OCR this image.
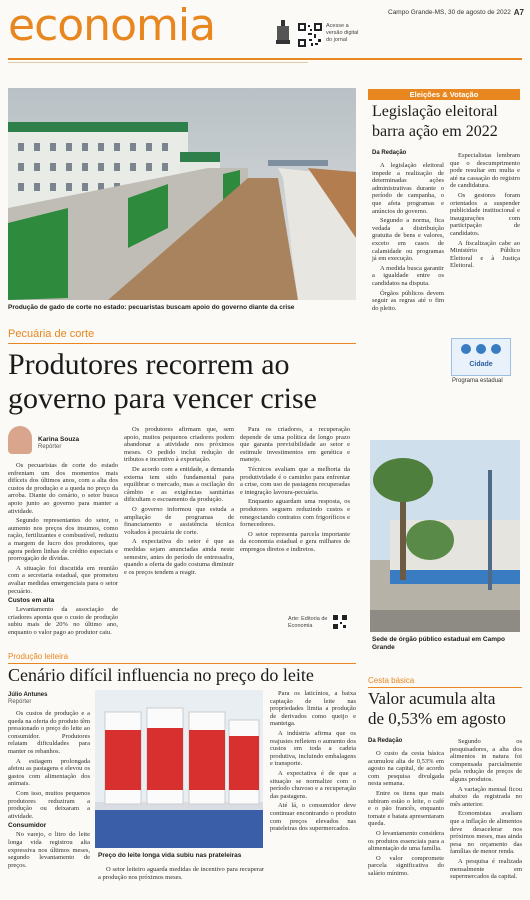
economia	Acesse a versão digital do jornal
Campo Grande-MS, 30 de agosto de 2022 A7
Produção de gado de corte no estado: pecuaristas buscam apoio do governo diante da crise
Pecuária de corte
Produtores recorrem ao
governo para vencer crise
Karina Souza
Repórter

Os pecuaristas de corte do estado enfrentam um dos momentos mais difíceis dos últimos anos, com a alta dos custos de produção e a queda no preço da arroba. Diante do cenário, o setor busca apoio junto ao governo para manter a atividade.

Segundo representantes do setor, o aumento nos preços dos insumos, como ração, fertilizantes e combustível, reduziu a margem de lucro dos produtores, que agora pedem linhas de crédito especiais e prorrogação de dívidas.

A situação foi discutida em reunião com a secretaria estadual, que prometeu avaliar medidas emergenciais para o setor pecuário.

Custos em alta

Levantamento da associação de criadores aponta que o custo de produção subiu mais de 20% no último ano, enquanto o valor pago ao produtor caiu.

Os produtores afirmam que, sem apoio, muitos pequenos criadores podem abandonar a atividade nos próximos meses. O pedido inclui redução de tributos e incentivo à exportação.

De acordo com a entidade, a demanda externa tem sido fundamental para equilibrar o mercado, mas a oscilação do câmbio e as exigências sanitárias dificultam o escoamento da produção.

O governo informou que estuda a ampliação de programas de financiamento e assistência técnica voltados à pecuária de corte.

A expectativa do setor é que as medidas sejam anunciadas ainda neste semestre, antes do período de entressafra, quando a oferta de gado costuma diminuir e os preços tendem a reagir.

Para os criadores, a recuperação depende de uma política de longo prazo que garanta previsibilidade ao setor e estimule investimentos em genética e manejo.

Técnicos avaliam que a melhoria da produtividade é o caminho para enfrentar a crise, com uso de pastagens recuperadas e integração lavoura-pecuária.

Enquanto aguardam uma resposta, os produtores seguem reduzindo custos e renegociando contratos com frigoríficos e fornecedores.

O setor representa parcela importante da economia estadual e gera milhares de empregos diretos e indiretos.

Arte: Editoria de Economia
Eleições & Votação
Legislação eleitoral
barra ação em 2022
Da Redação

A legislação eleitoral impede a realização de determinadas ações administrativas durante o período de campanha, o que afeta programas e anúncios do governo.

Segundo a norma, fica vedada a distribuição gratuita de bens e valores, exceto em casos de calamidade ou programas já em execução.

A medida busca garantir a igualdade entre os candidatos na disputa.

Órgãos públicos devem seguir as regras até o fim do pleito.

Especialistas lembram que o descumprimento pode resultar em multa e até na cassação do registro de candidatura.

Os gestores foram orientados a suspender publicidade institucional e inaugurações com participação de candidatos.

A fiscalização cabe ao Ministério Público Eleitoral e à Justiça Eleitoral.

Cidade
Programa estadual
Sede de órgão público estadual em Campo Grande
Produção leiteira
Cenário difícil influencia no preço do leite
Júlio Antunes
Repórter

Os custos de produção e a queda na oferta do produto têm pressionado o preço do leite ao consumidor. Produtores relatam dificuldades para manter os rebanhos.

A estiagem prolongada afetou as pastagens e elevou os gastos com alimentação dos animais.

Com isso, muitos pequenos produtores reduziram a produção ou deixaram a atividade.

Consumidor

No varejo, o litro do leite longa vida registrou alta expressiva nos últimos meses, segundo levantamento de preços.

Preço do leite longa vida subiu nas prateleiras

O setor leiteiro aguarda medidas de incentivo para recuperar a produção nos próximos meses.

Para os laticínios, a baixa captação de leite nas propriedades limita a produção de derivados como queijo e manteiga.

A indústria afirma que os reajustes refletem o aumento dos custos em toda a cadeia produtiva, incluindo embalagens e transporte.

A expectativa é de que a situação se normalize com o período chuvoso e a recuperação das pastagens.

Até lá, o consumidor deve continuar encontrando o produto com preços elevados nas prateleiras dos supermercados.

Cesta básica
Valor acumula alta
de 0,53% em agosto
Da Redação

O custo da cesta básica acumulou alta de 0,53% em agosto na capital, de acordo com pesquisa divulgada nesta semana.

Entre os itens que mais subiram estão o leite, o café e o pão francês, enquanto tomate e batata apresentaram queda.

O levantamento considera os produtos essenciais para a alimentação de uma família.

O valor compromete parcela significativa do salário mínimo.

Segundo os pesquisadores, a alta dos alimentos in natura foi compensada parcialmente pela redução de preços de alguns produtos.

A variação mensal ficou abaixo da registrada no mês anterior.

Economistas avaliam que a inflação de alimentos deve desacelerar nos próximos meses, mas ainda pesa no orçamento das famílias de menor renda.

A pesquisa é realizada mensalmente em supermercados da capital.
